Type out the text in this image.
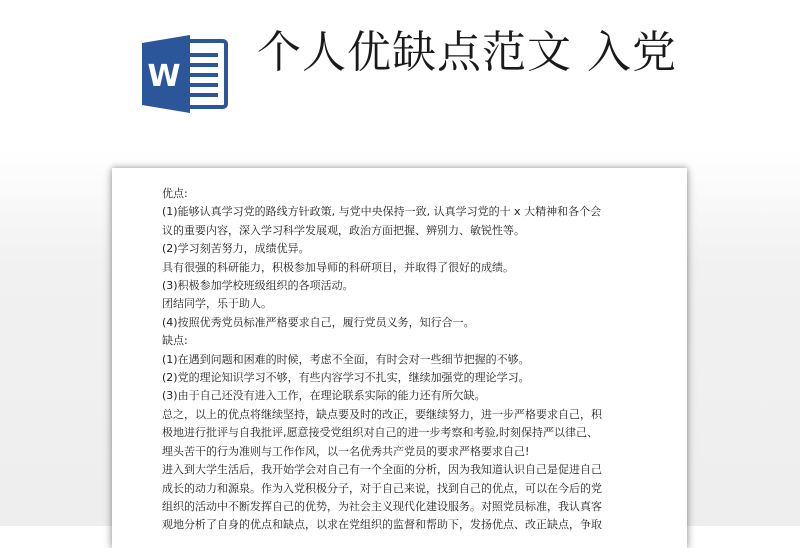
W 个人优缺点范文 入党

优点:

(1)能够认真学习党的路线方针政策, 与党中央保持一致, 认真学习党的十 x 大精神和各个会

议的重要内容，深入学习科学发展观，政治方面把握、辨别力、敏锐性等。

(2)学习刻苦努力，成绩优异。

具有很强的科研能力，积极参加导师的科研项目，并取得了很好的成绩。

(3)积极参加学校班级组织的各项活动。

团结同学，乐于助人。

(4)按照优秀党员标准严格要求自己，履行党员义务，知行合一。

缺点:

(1)在遇到问题和困难的时候，考虑不全面，有时会对一些细节把握的不够。

(2)党的理论知识学习不够，有些内容学习不扎实，继续加强党的理论学习。

(3)由于自己还没有进入工作，在理论联系实际的能力还有所欠缺。

总之，以上的优点将继续坚持，缺点要及时的改正，要继续努力，进一步严格要求自己，积

极地进行批评与自我批评,愿意接受党组织对自己的进一步考察和考验,时刻保持严以律己、

埋头苦干的行为准则与工作作风，以一名优秀共产党员的要求严格要求自己!

进入到大学生活后，我开始学会对自己有一个全面的分析，因为我知道认识自己是促进自己

成长的动力和源泉。作为入党积极分子，对于自己来说，找到自己的优点，可以在今后的党

组织的活动中不断发挥自己的优势，为社会主义现代化建设服务。对照党员标准，我认真客

观地分析了自身的优点和缺点，以求在党组织的监督和帮助下，发扬优点、改正缺点，争取
